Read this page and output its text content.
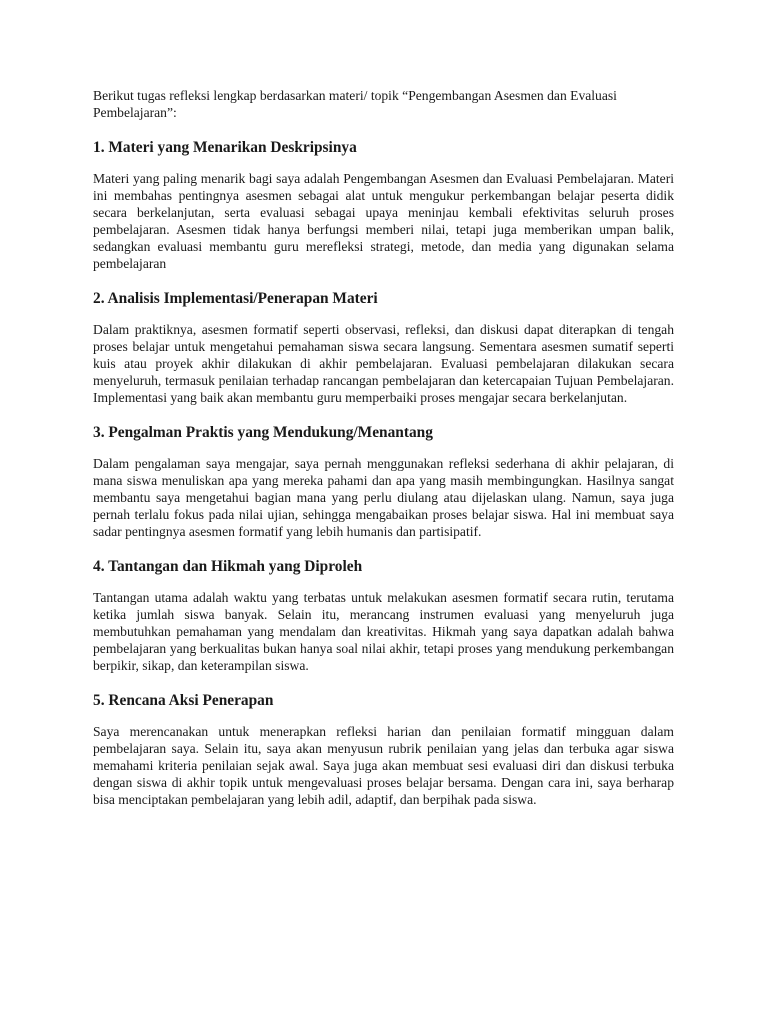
Berikut tugas refleksi lengkap berdasarkan materi/ topik “Pengembangan Asesmen dan Evaluasi Pembelajaran”:

1. Materi yang Menarikan Deskripsinya

Materi yang paling menarik bagi saya adalah Pengembangan Asesmen dan Evaluasi Pembelajaran. Materi ini membahas pentingnya asesmen sebagai alat untuk mengukur perkembangan belajar peserta didik secara berkelanjutan, serta evaluasi sebagai upaya meninjau kembali efektivitas seluruh proses pembelajaran. Asesmen tidak hanya berfungsi memberi nilai, tetapi juga memberikan umpan balik, sedangkan evaluasi membantu guru merefleksi strategi, metode, dan media yang digunakan selama pembelajaran

2. Analisis Implementasi/Penerapan Materi

Dalam praktiknya, asesmen formatif seperti observasi, refleksi, dan diskusi dapat diterapkan di tengah proses belajar untuk mengetahui pemahaman siswa secara langsung. Sementara asesmen sumatif seperti kuis atau proyek akhir dilakukan di akhir pembelajaran. Evaluasi pembelajaran dilakukan secara menyeluruh, termasuk penilaian terhadap rancangan pembelajaran dan ketercapaian Tujuan Pembelajaran. Implementasi yang baik akan membantu guru memperbaiki proses mengajar secara berkelanjutan.

3. Pengalman Praktis yang Mendukung/Menantang

Dalam pengalaman saya mengajar, saya pernah menggunakan refleksi sederhana di akhir pelajaran, di mana siswa menuliskan apa yang mereka pahami dan apa yang masih membingungkan. Hasilnya sangat membantu saya mengetahui bagian mana yang perlu diulang atau dijelaskan ulang. Namun, saya juga pernah terlalu fokus pada nilai ujian, sehingga mengabaikan proses belajar siswa. Hal ini membuat saya sadar pentingnya asesmen formatif yang lebih humanis dan partisipatif.

4. Tantangan dan Hikmah yang Diproleh

Tantangan utama adalah waktu yang terbatas untuk melakukan asesmen formatif secara rutin, terutama ketika jumlah siswa banyak. Selain itu, merancang instrumen evaluasi yang menyeluruh juga membutuhkan pemahaman yang mendalam dan kreativitas. Hikmah yang saya dapatkan adalah bahwa pembelajaran yang berkualitas bukan hanya soal nilai akhir, tetapi proses yang mendukung perkembangan berpikir, sikap, dan keterampilan siswa.

5. Rencana Aksi Penerapan

Saya merencanakan untuk menerapkan refleksi harian dan penilaian formatif mingguan dalam pembelajaran saya. Selain itu, saya akan menyusun rubrik penilaian yang jelas dan terbuka agar siswa memahami kriteria penilaian sejak awal. Saya juga akan membuat sesi evaluasi diri dan diskusi terbuka dengan siswa di akhir topik untuk mengevaluasi proses belajar bersama. Dengan cara ini, saya berharap bisa menciptakan pembelajaran yang lebih adil, adaptif, dan berpihak pada siswa.
